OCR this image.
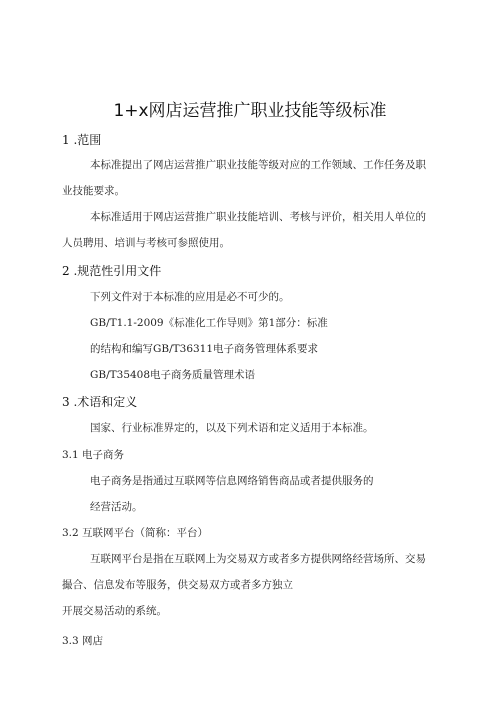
1+x网店运营推广职业技能等级标准
1 .范围
本标准提出了网店运营推广职业技能等级对应的工作领域、工作任务及职
业技能要求。
本标准适用于网店运营推广职业技能培训、考核与评价，相关用人单位的
人员聘用、培训与考核可参照使用。
2 .规范性引用文件
下列文件对于本标准的应用是必不可少的。
GB/T1.1-2009《标准化工作导则》第1部分：标准
的结构和编写GB/T36311电子商务管理体系要求
GB/T35408电子商务质量管理术语
3 .术语和定义
国家、行业标准界定的，以及下列术语和定义适用于本标准。
3.1 电子商务
电子商务是指通过互联网等信息网络销售商品或者提供服务的
经营活动。
3.2 互联网平台（简称：平台）
互联网平台是指在互联网上为交易双方或者多方提供网络经营场所、交易
撮合、信息发布等服务，供交易双方或者多方独立
开展交易活动的系统。
3.3 网店
